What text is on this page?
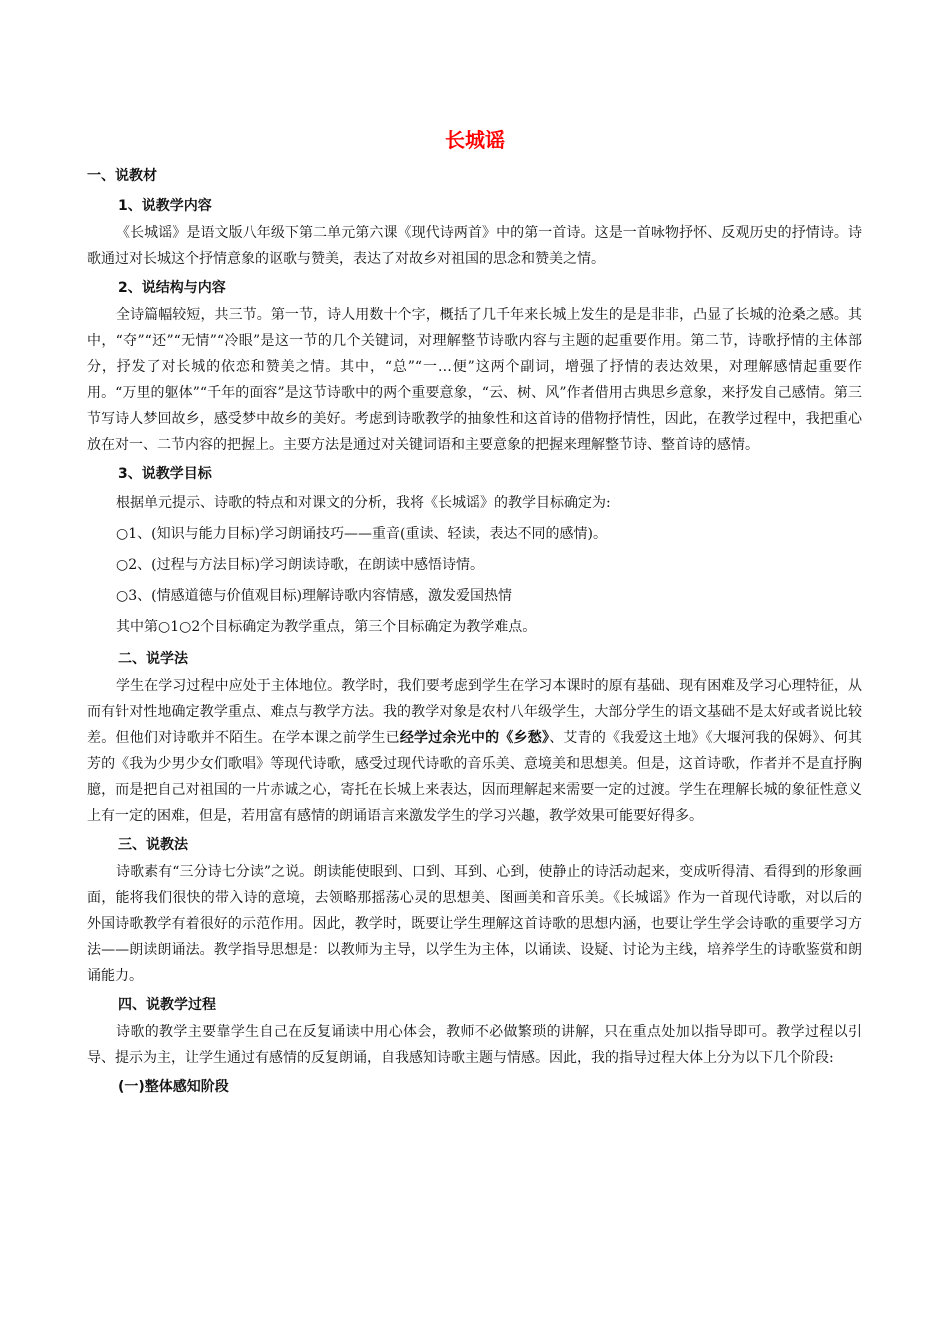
长城谣
一、说教材
1、说教学内容

《长城谣》是语文版八年级下第二单元第六课《现代诗两首》中的第一首诗。这是一首咏物抒怀、反观历史的抒情诗。诗歌通过对长城这个抒情意象的讴歌与赞美，表达了对故乡对祖国的思念和赞美之情。

2、说结构与内容

全诗篇幅较短，共三节。第一节，诗人用数十个字，概括了几千年来长城上发生的是是非非，凸显了长城的沧桑之感。其中，“夺”“还”“无情”“冷眼”是这一节的几个关键词，对理解整节诗歌内容与主题的起重要作用。第二节，诗歌抒情的主体部分，抒发了对长城的依恋和赞美之情。其中，“总”“一…便”这两个副词，增强了抒情的表达效果，对理解感情起重要作用。“万里的躯体”“千年的面容”是这节诗歌中的两个重要意象，“云、树、风”作者借用古典思乡意象，来抒发自己感情。第三节写诗人梦回故乡，感受梦中故乡的美好。考虑到诗歌教学的抽象性和这首诗的借物抒情性，因此，在教学过程中，我把重心放在对一、二节内容的把握上。主要方法是通过对关键词语和主要意象的把握来理解整节诗、整首诗的感情。

3、说教学目标
根据单元提示、诗歌的特点和对课文的分析，我将《长城谣》的教学目标确定为:
○1、(知识与能力目标)学习朗诵技巧——重音(重读、轻读，表达不同的感情)。
○2、(过程与方法目标)学习朗读诗歌，在朗读中感悟诗情。
○3、(情感道德与价值观目标)理解诗歌内容情感，激发爱国热情
其中第○1○2个目标确定为教学重点，第三个目标确定为教学难点。
二、说学法

学生在学习过程中应处于主体地位。教学时，我们要考虑到学生在学习本课时的原有基础、现有困难及学习心理特征，从而有针对性地确定教学重点、难点与教学方法。我的教学对象是农村八年级学生，大部分学生的语文基础不是太好或者说比较差。但他们对诗歌并不陌生。在学本课之前学生已经学过余光中的《乡愁》、艾青的《我爱这土地》《大堰河我的保姆》、何其芳的《我为少男少女们歌唱》等现代诗歌，感受过现代诗歌的音乐美、意境美和思想美。但是，这首诗歌，作者并不是直抒胸臆，而是把自己对祖国的一片赤诚之心，寄托在长城上来表达，因而理解起来需要一定的过渡。学生在理解长城的象征性意义上有一定的困难，但是，若用富有感情的朗诵语言来激发学生的学习兴趣，教学效果可能要好得多。

三、说教法

诗歌素有“三分诗七分读”之说。朗读能使眼到、口到、耳到、心到，使静止的诗活动起来，变成听得清、看得到的形象画面，能将我们很快的带入诗的意境，去领略那摇荡心灵的思想美、图画美和音乐美。《长城谣》作为一首现代诗歌，对以后的外国诗歌教学有着很好的示范作用。因此，教学时，既要让学生理解这首诗歌的思想内涵，也要让学生学会诗歌的重要学习方法——朗读朗诵法。教学指导思想是：以教师为主导，以学生为主体，以诵读、设疑、讨论为主线，培养学生的诗歌鉴赏和朗诵能力。

四、说教学过程

诗歌的教学主要靠学生自己在反复诵读中用心体会，教师不必做繁琐的讲解，只在重点处加以指导即可。教学过程以引导、提示为主，让学生通过有感情的反复朗诵，自我感知诗歌主题与情感。因此，我的指导过程大体上分为以下几个阶段:

(一)整体感知阶段
